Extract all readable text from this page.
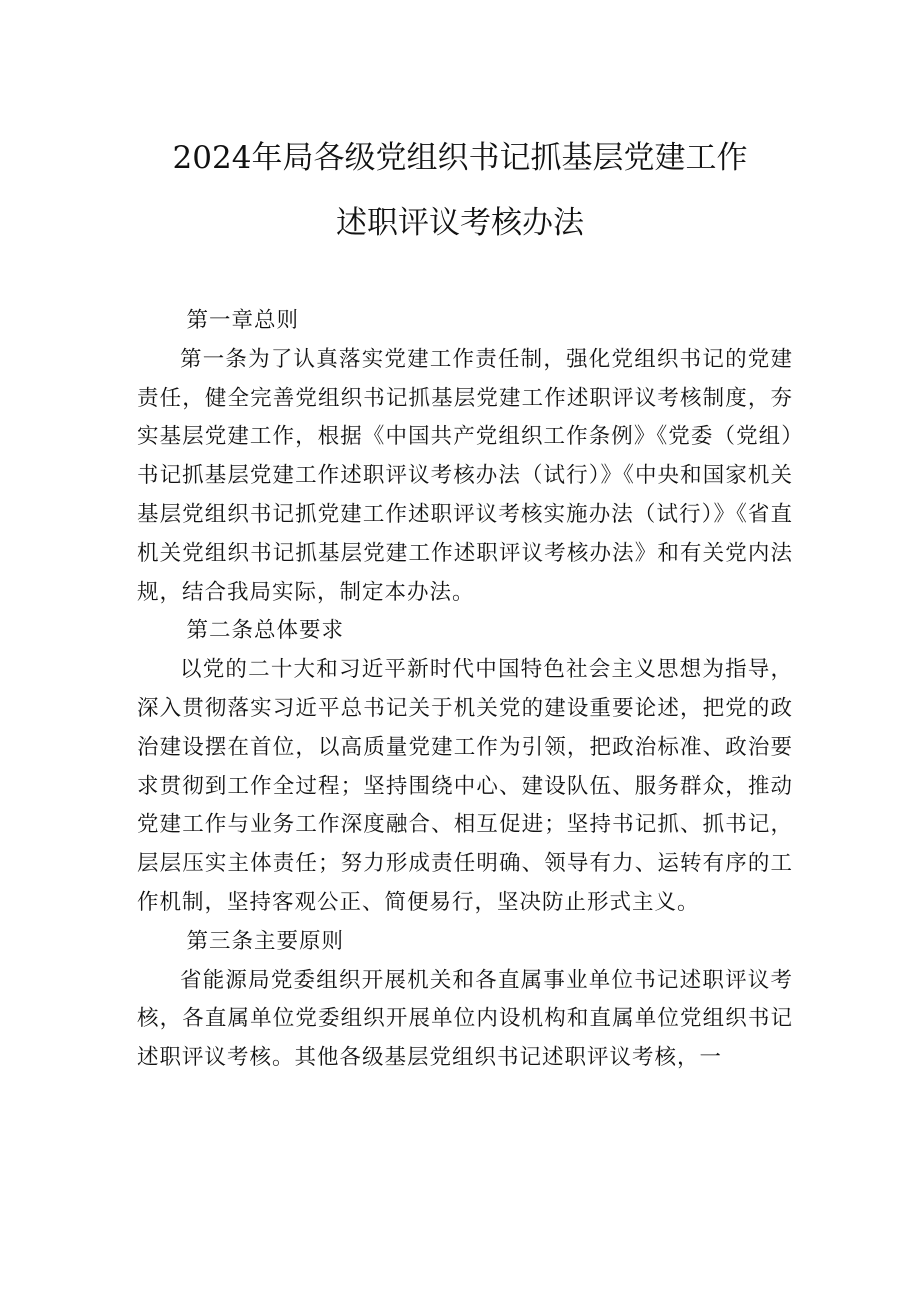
2024年局各级党组织书记抓基层党建工作
述职评议考核办法

第一章总则

第一条为了认真落实党建工作责任制，强化党组织书记的党建责任，健全完善党组织书记抓基层党建工作述职评议考核制度，夯实基层党建工作，根据《中国共产党组织工作条例》《党委（党组）书记抓基层党建工作述职评议考核办法（试行）》《中央和国家机关基层党组织书记抓党建工作述职评议考核实施办法（试行）》《省直机关党组织书记抓基层党建工作述职评议考核办法》和有关党内法规，结合我局实际，制定本办法。

第二条总体要求

以党的二十大和习近平新时代中国特色社会主义思想为指导，深入贯彻落实习近平总书记关于机关党的建设重要论述，把党的政治建设摆在首位，以高质量党建工作为引领，把政治标准、政治要求贯彻到工作全过程；坚持围绕中心、建设队伍、服务群众，推动党建工作与业务工作深度融合、相互促进；坚持书记抓、抓书记，层层压实主体责任；努力形成责任明确、领导有力、运转有序的工作机制，坚持客观公正、简便易行，坚决防止形式主义。

第三条主要原则

省能源局党委组织开展机关和各直属事业单位书记述职评议考核，各直属单位党委组织开展单位内设机构和直属单位党组织书记述职评议考核。其他各级基层党组织书记述职评议考核，一
